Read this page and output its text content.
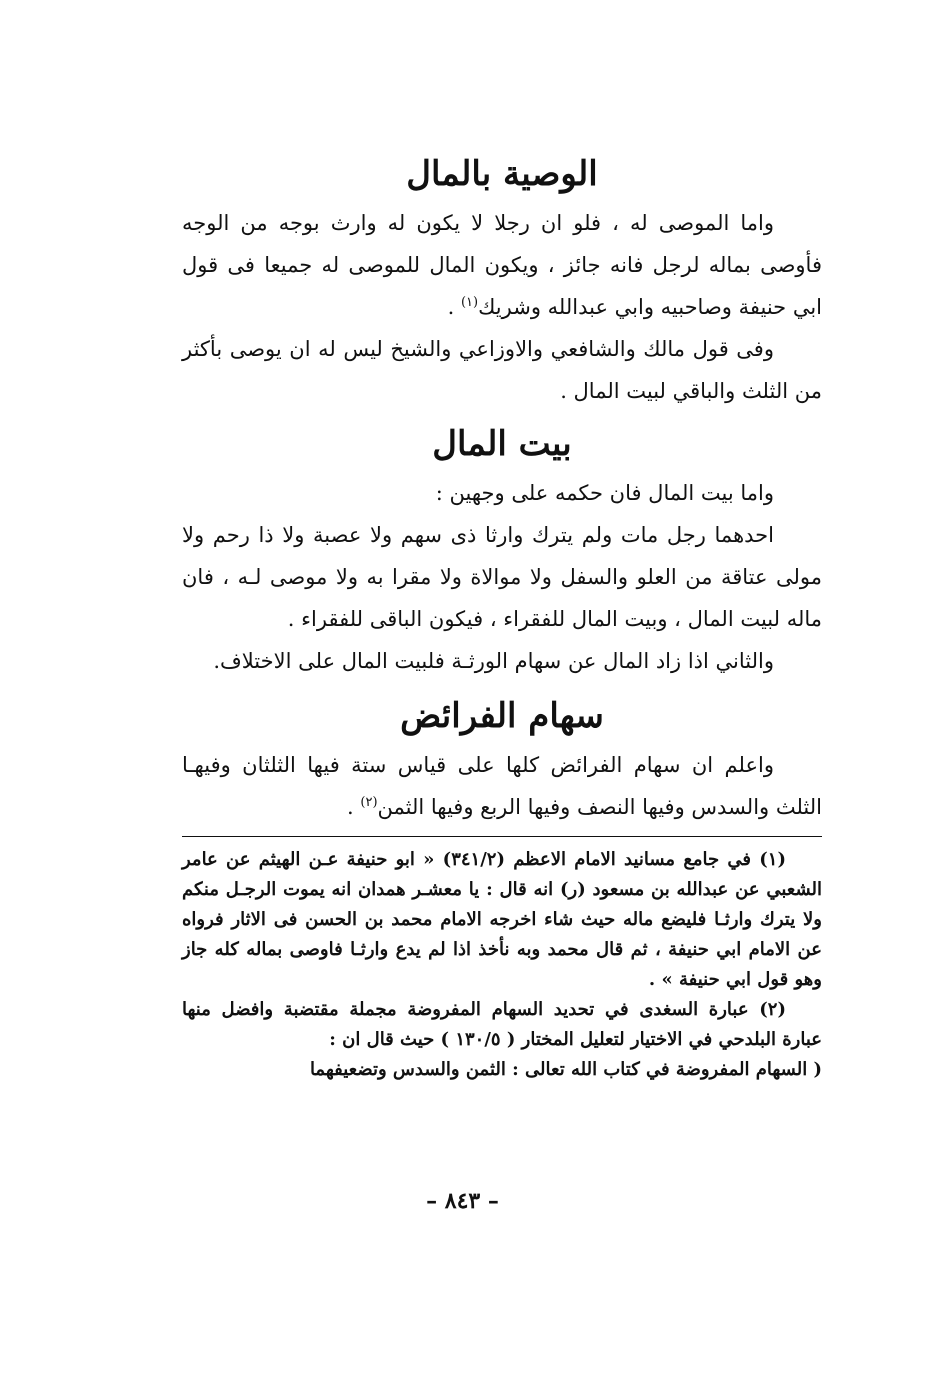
الوصية بالمال

واما الموصى له ، فلو ان رجلا لا يكون له وارث بوجه من الوجه فأوصى بماله لرجل فانه جائز ، ويكون المال للموصى له جميعا فى قول ابي حنيفة وصاحبيه وابي عبدالله وشريك$^{(١)}$ .

وفى قول مالك والشافعي والاوزاعي والشيخ ليس له ان يوصى بأكثر من الثلث والباقي لبيت المال .

بيت المال

واما بيت المال فان حكمه على وجهين :

احدهما رجل مات ولم يترك وارثا ذى سهم ولا عصبة ولا ذا رحم ولا مولى عتاقة من العلو والسفل ولا موالاة ولا مقرا به ولا موصى لـه ، فان ماله لبيت المال ، وبيت المال للفقراء ، فيكون الباقى للفقراء .

والثاني اذا زاد المال عن سهام الورثـة فلبيت المال على الاختلاف.

سهام الفرائض

واعلم ان سهام الفرائض كلها على قياس ستة فيها الثلثان وفيهـا الثلث والسدس وفيها النصف وفيها الربع وفيها الثمن$^{(٢)}$ .

(١) في جامع مسانيد الامام الاعظم (٣٤١/٢) « ابو حنيفة عـن الهيثم عن عامر الشعبي عن عبدالله بن مسعود (ر) انه قال : يا معشـر همدان انه يموت الرجـل منكم ولا يترك وارثـا فليضع ماله حيث شاء اخرجه الامام محمد بن الحسن فى الاثار فرواه عن الامام ابي حنيفة ، ثم قال محمد وبه نأخذ اذا لم يدع وارثـا فاوصى بماله كله جاز وهو قول ابي حنيفة » .

(٢) عبارة السغدى في تحديد السهام المفروضة مجملة مقتضبة وافضل منها عبارة البلدحي في الاختيار لتعليل المختار ( ١٣٠/٥ ) حيث قال ان :

( السهام المفروضة في كتاب الله تعالى : الثمن والسدس وتضعيفهما

– ٨٤٣ –
